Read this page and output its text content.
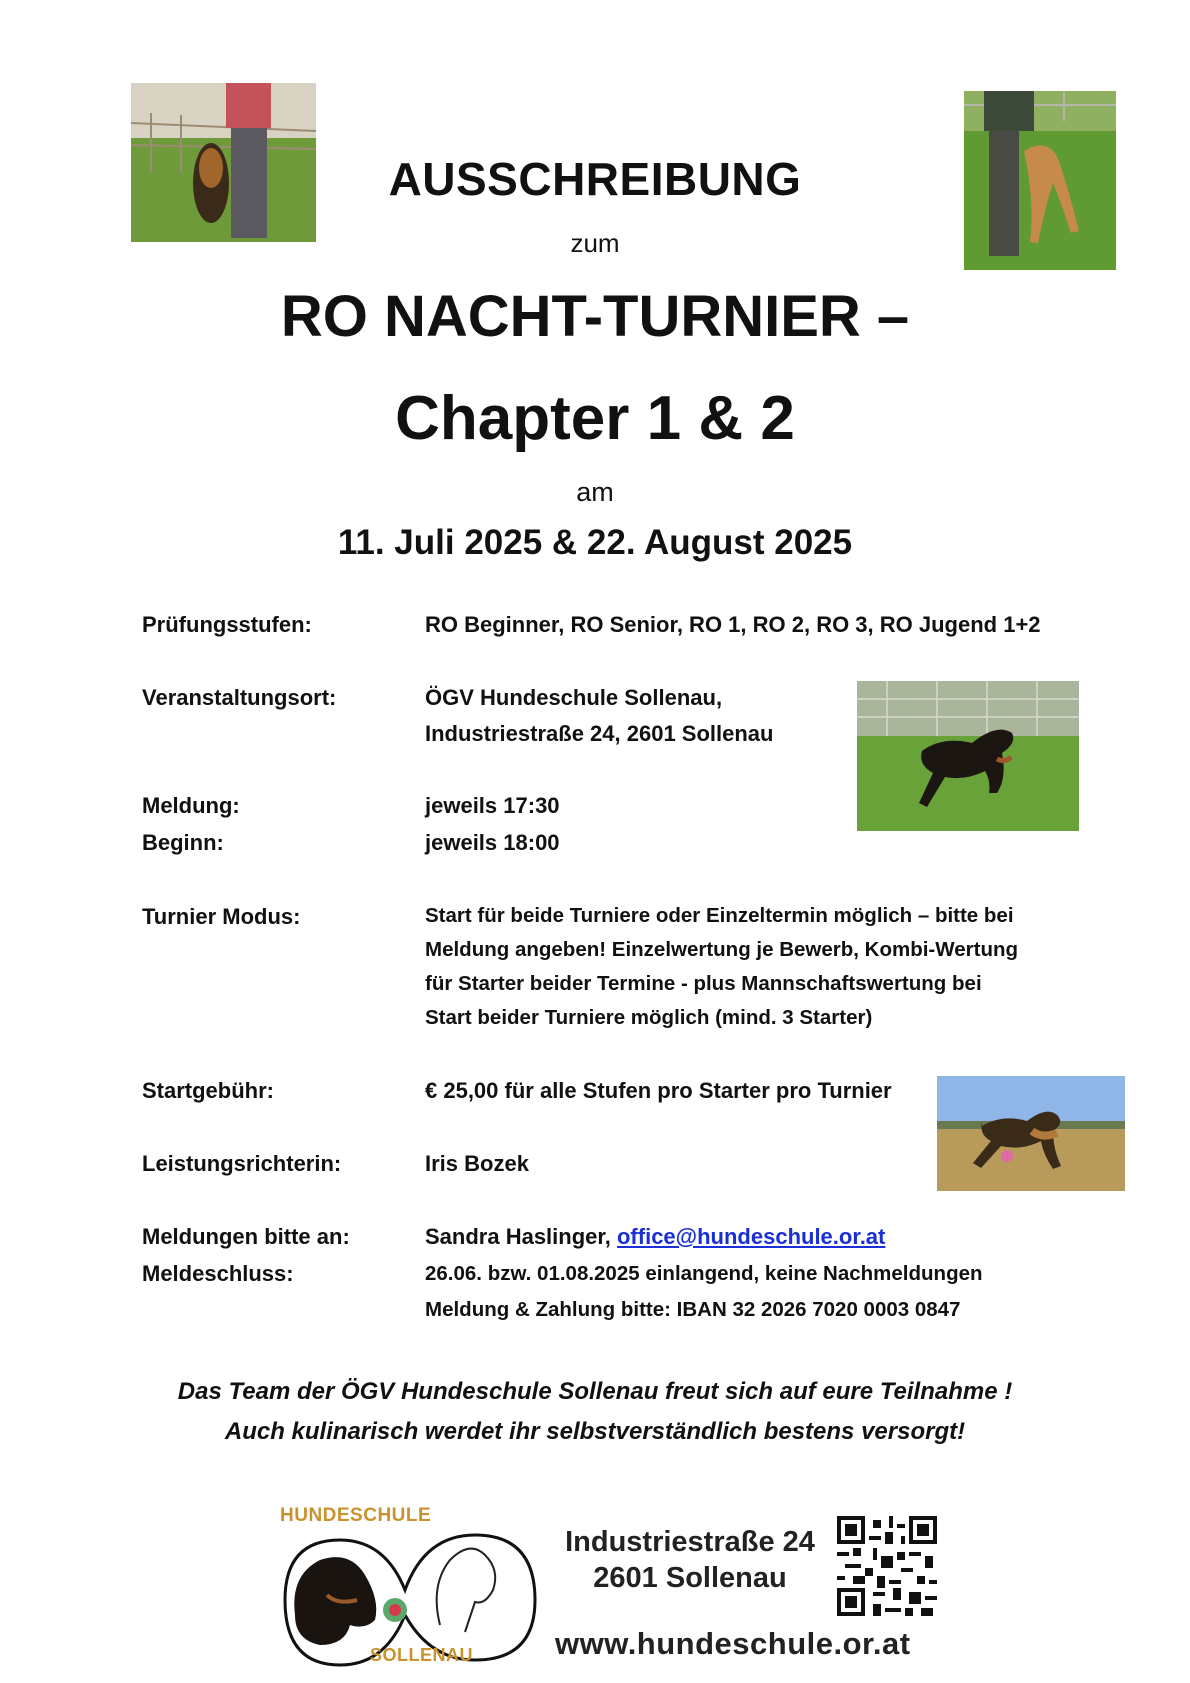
AUSSCHREIBUNG
zum
RO NACHT-TURNIER –
Chapter 1 & 2
am
11. Juli 2025 & 22. August 2025
Prüfungsstufen:	RO Beginner, RO Senior, RO 1, RO 2, RO 3, RO Jugend 1+2
Veranstaltungsort:	ÖGV Hundeschule Sollenau,
Industriestraße 24, 2601 Sollenau
Meldung:	jeweils 17:30
Beginn:	jeweils 18:00
Turnier Modus:	Start für beide Turniere oder Einzeltermin möglich – bitte bei
Meldung angeben! Einzelwertung je Bewerb, Kombi-Wertung
für Starter beider Termine - plus Mannschaftswertung bei
Start beider Turniere möglich (mind. 3 Starter)
Startgebühr:	€ 25,00 für alle Stufen pro Starter pro Turnier
Leistungsrichterin:	Iris Bozek
Meldungen bitte an:	Sandra Haslinger, office@hundeschule.or.at
Meldeschluss:	26.06. bzw. 01.08.2025 einlangend, keine Nachmeldungen
Meldung & Zahlung bitte: IBAN 32 2026 7020 0003 0847
Das Team der ÖGV Hundeschule Sollenau freut sich auf eure Teilnahme !
Auch kulinarisch werdet ihr selbstverständlich bestens versorgt!
HUNDESCHULE
SOLLENAU
Industriestraße 24
2601 Sollenau
www.hundeschule.or.at
